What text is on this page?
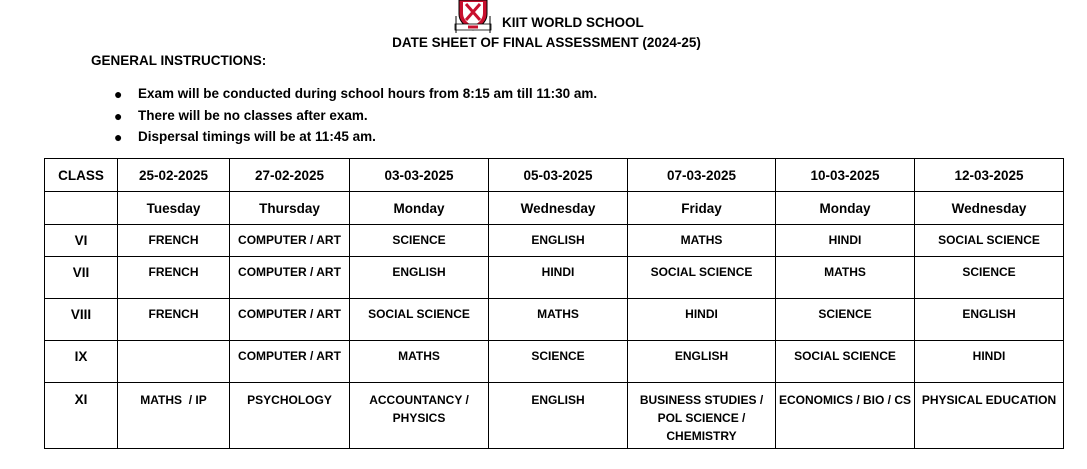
KIIT WORLD SCHOOL
DATE SHEET OF FINAL ASSESSMENT (2024-25)
GENERAL INSTRUCTIONS:
● Exam will be conducted during school hours from 8:15 am till 11:30 am.
● There will be no classes after exam.
● Dispersal timings will be at 11:45 am.
CLASS	25-02-2025	27-02-2025	03-03-2025	05-03-2025	07-03-2025	10-03-2025	12-03-2025
	Tuesday	Thursday	Monday	Wednesday	Friday	Monday	Wednesday
VI	FRENCH	COMPUTER / ART	SCIENCE	ENGLISH	MATHS	HINDI	SOCIAL SCIENCE
VII	FRENCH	COMPUTER / ART	ENGLISH	HINDI	SOCIAL SCIENCE	MATHS	SCIENCE
VIII	FRENCH	COMPUTER / ART	SOCIAL SCIENCE	MATHS	HINDI	SCIENCE	ENGLISH
IX		COMPUTER / ART	MATHS	SCIENCE	ENGLISH	SOCIAL SCIENCE	HINDI
XI	MATHS  / IP	PSYCHOLOGY	ACCOUNTANCY / PHYSICS	ENGLISH	BUSINESS STUDIES / POL SCIENCE / CHEMISTRY	ECONOMICS / BIO / CS	PHYSICAL EDUCATION
